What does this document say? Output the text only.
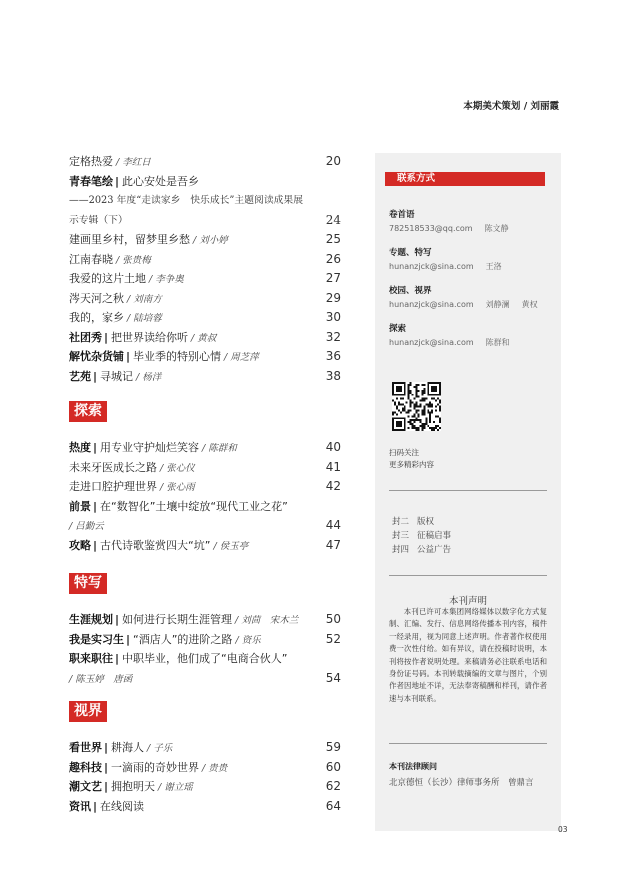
本期美术策划 / 刘丽霞
定格热爱 / 李红日	20
青春笔绘 | 此心安处是吾乡
——2023 年度“走读家乡　快乐成长”主题阅读成果展
示专辑（下）	24
建画里乡村，留梦里乡愁 / 刘小婷	25
江南春晓 / 张贵梅	26
我爱的这片土地 / 李争奥	27
涔天河之秋 / 刘南方	29
我的，家乡 / 陆培蓉	30
社团秀 | 把世界读给你听 / 黄叔	32
解忧杂货铺 | 毕业季的特别心情 / 周芝萍	36
艺苑 | 寻城记 / 杨洋	38
探索
热度 | 用专业守护灿烂笑容 / 陈群和	40
未来牙医成长之路 / 张心仪	41
走进口腔护理世界 / 张心雨	42
前景 | 在“数智化”土壤中绽放“现代工业之花”
/ 吕勤云	44
攻略 | 古代诗歌鉴赏四大“坑” / 侯玉亭	47
特写
生涯规划 | 如何进行长期生涯管理 / 刘茴　宋木兰 50
我是实习生 | “酒店人”的进阶之路 / 资乐	52
职来职往 | 中职毕业，他们成了“电商合伙人”
/ 陈玉婷　唐函	54
视界
看世界 | 耕海人 / 子乐	59
趣科技 | 一滴雨的奇妙世界 / 贵贵	60
潮文艺 | 拥抱明天 / 谢立瑶	62
资讯 | 在线阅读	64
联系方式
卷首语
782518533@qq.com 陈文静
专题、特写
hunanzjck@sina.com 王洛
校园、视界
hunanzjck@sina.com 刘静澜 黄权
探索
hunanzjck@sina.com 陈群和
扫码关注
更多精彩内容
封二 版权
封三 征稿启事
封四 公益广告
本刊声明
本刊已许可本集团网络媒体以数字化方式复制、汇编、发行、信息网络传播本刊内容，稿件一经录用，视为同意上述声明。作者著作权使用费一次性付给。如有异议，请在投稿时说明，本刊将按作者说明处理。来稿请务必注联系电话和身份证号码。本刊转载摘编的文章与图片，个别作者因地址不详，无法奉寄稿酬和样刊，请作者速与本刊联系。
本刊法律顾问
北京德恒（长沙）律师事务所　曾鼎言
03
